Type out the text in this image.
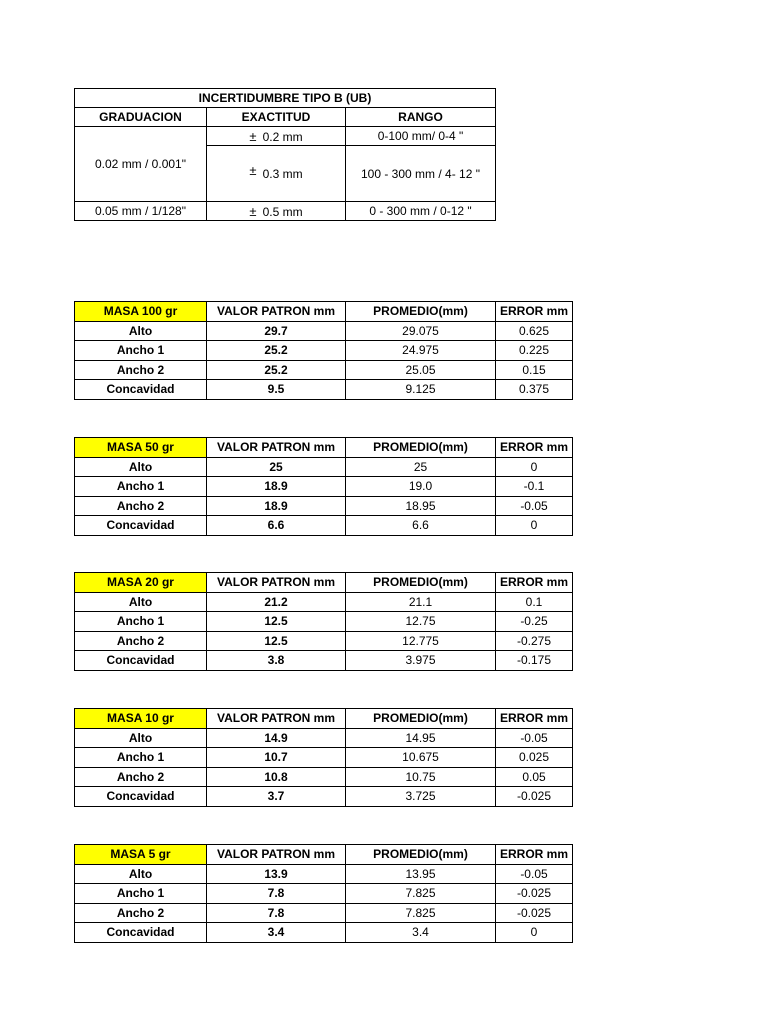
INCERTIDUMBRE TIPO B (UB)		
GRADUACION	EXACTITUD	RANGO
0.02 mm / 0.001"	± 0.2 mm	0-100 mm/ 0-4 "
	± 0.3 mm	100 - 300 mm / 4- 12 "
0.05 mm / 1/128"	± 0.5 mm	0 - 300 mm / 0-12 "
MASA 100 gr	VALOR PATRON mm	PROMEDIO(mm)	ERROR mm
Alto	29.7	29.075	0.625
Ancho 1	25.2	24.975	0.225
Ancho 2	25.2	25.05	0.15
Concavidad	9.5	9.125	0.375
MASA 50 gr	VALOR PATRON mm	PROMEDIO(mm)	ERROR mm
Alto	25	25	0
Ancho 1	18.9	19.0	-0.1
Ancho 2	18.9	18.95	-0.05
Concavidad	6.6	6.6	0
MASA 20 gr	VALOR PATRON mm	PROMEDIO(mm)	ERROR mm
Alto	21.2	21.1	0.1
Ancho 1	12.5	12.75	-0.25
Ancho 2	12.5	12.775	-0.275
Concavidad	3.8	3.975	-0.175
MASA 10 gr	VALOR PATRON mm	PROMEDIO(mm)	ERROR mm
Alto	14.9	14.95	-0.05
Ancho 1	10.7	10.675	0.025
Ancho 2	10.8	10.75	0.05
Concavidad	3.7	3.725	-0.025
MASA 5 gr	VALOR PATRON mm	PROMEDIO(mm)	ERROR mm
Alto	13.9	13.95	-0.05
Ancho 1	7.8	7.825	-0.025
Ancho 2	7.8	7.825	-0.025
Concavidad	3.4	3.4	0
